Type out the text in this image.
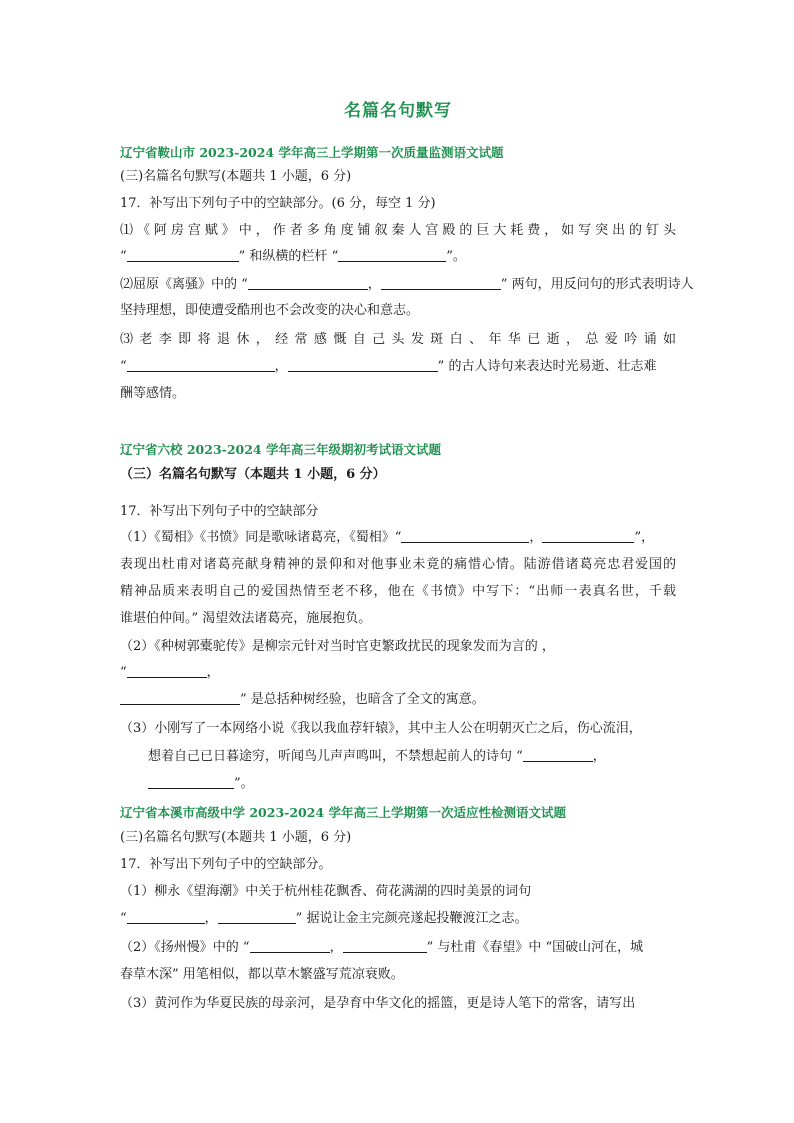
名篇名句默写
辽宁省鞍山市 2023-2024 学年高三上学期第一次质量监测语文试题
(三)名篇名句默写(本题共 1 小题，6 分)
17．补写出下列句子中的空缺部分。(6 分，每空 1 分)
⑴《阿房宫赋》中，作者多角度铺叙秦人宫殿的巨大耗费，如写突出的钉头
“	” 和纵横的栏杆 “	”。
⑵屈原《离骚》中的 “	，	” 两句，用反问句的形式表明诗人
坚持理想，即使遭受酷刑也不会改变的决心和意志。
⑶ 老 李 即 将 退 休 ， 经 常 感 慨 自 己 头 发 斑 白 、 年 华 已 逝 ， 总 爱 吟 诵 如
“	，	” 的古人诗句来表达时光易逝、壮志难
酬等感情。
辽宁省六校 2023-2024 学年高三年级期初考试语文试题
（三）名篇名句默写（本题共 1 小题，6 分）
17．补写出下列句子中的空缺部分
（1）《蜀相》《书愤》同是歌咏诸葛亮，《蜀相》“	，	”，
表现出杜甫对诸葛亮献身精神的景仰和对他事业未竟的痛惜心情。陆游借诸葛亮忠君爱国的
精神品质来表明自己的爱国热情至老不移，他在《书愤》中写下：“出师一表真名世，千载
谁堪伯仲间。” 渴望效法诸葛亮，施展抱负。
（2）《种树郭橐驼传》是柳宗元针对当时官吏繁政扰民的现象发而为言的 ，
“	，
” 是总括种树经验，也暗含了全文的寓意。
（3）小刚写了一本网络小说《我以我血荐轩辕》，其中主人公在明朝灭亡之后，伤心流泪，
想着自己已日暮途穷，听闻鸟儿声声鸣叫，不禁想起前人的诗句 “	，
”。
辽宁省本溪市高级中学 2023-2024 学年高三上学期第一次适应性检测语文试题
(三)名篇名句默写(本题共 1 小题，6 分)
17．补写出下列句子中的空缺部分。
（1）柳永《望海潮》中关于杭州桂花飘香、荷花满湖的四时美景的词句
“	，	” 据说让金主完颜亮遂起投鞭渡江之志。
（2）《扬州慢》中的 “	，	” 与杜甫《春望》中 “国破山河在，城
春草木深” 用笔相似，都以草木繁盛写荒凉衰败。
（3）黄河作为华夏民族的母亲河，是孕育中华文化的摇篮，更是诗人笔下的常客，请写出
